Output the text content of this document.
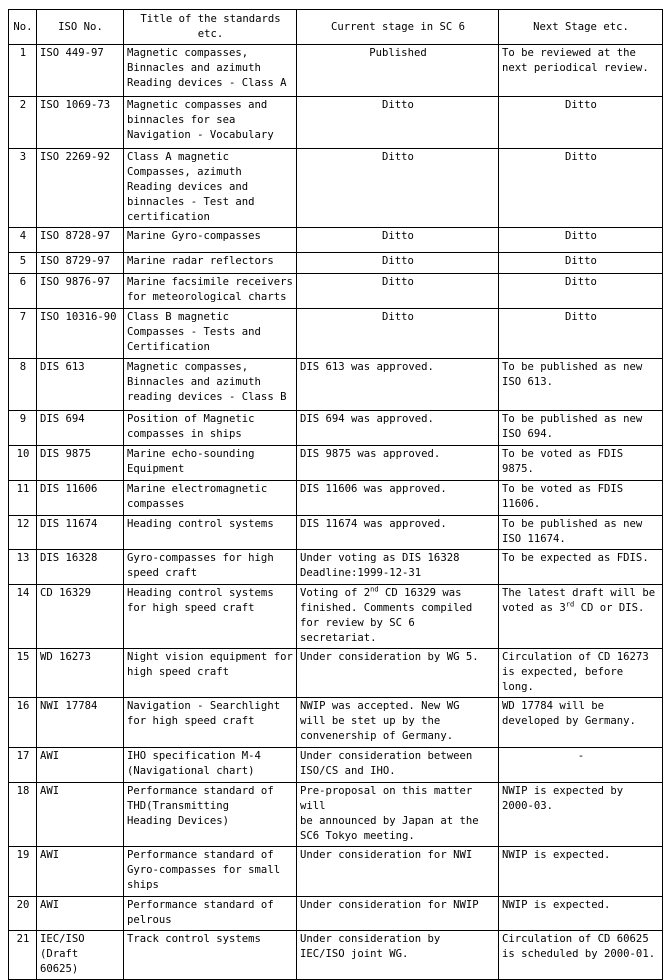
No.	ISO No.	Title of the standards etc.	Current stage in SC 6	Next Stage etc.
1	ISO 449-97	Magnetic compasses,
Binnacles and azimuth
Reading devices - Class A	Published	To be reviewed at the
next periodical review.
2	ISO 1069-73	Magnetic compasses and
binnacles for sea
Navigation - Vocabulary	Ditto	Ditto
3	ISO 2269-92	Class A magnetic
Compasses, azimuth
Reading devices and
binnacles - Test and
certification	Ditto	Ditto
4	ISO 8728-97	Marine Gyro-compasses	Ditto	Ditto
5	ISO 8729-97	Marine radar reflectors	Ditto	Ditto
6	ISO 9876-97	Marine facsimile receivers
for meteorological charts	Ditto	Ditto
7	ISO 10316-90	Class B magnetic
Compasses - Tests and
Certification	Ditto	Ditto
8	DIS 613	Magnetic compasses,
Binnacles and azimuth
reading devices - Class B	DIS 613 was approved.	To be published as new
ISO 613.
9	DIS 694	Position of Magnetic
compasses in ships	DIS 694 was approved.	To be published as new
ISO 694.
10	DIS 9875	Marine echo-sounding
Equipment	DIS 9875 was approved.	To be voted as FDIS
9875.
11	DIS 11606	Marine electromagnetic
compasses	DIS 11606 was approved.	To be voted as FDIS
11606.
12	DIS 11674	Heading control systems	DIS 11674 was approved.	To be published as new
ISO 11674.
13	DIS 16328	Gyro-compasses for high
speed craft	Under voting as DIS 16328
Deadline:1999-12-31	To be expected as FDIS.
14	CD 16329	Heading control systems
for high speed craft	Voting of 2nd CD 16329 was
finished. Comments compiled
for review by SC 6 secretariat.	The latest draft will be
voted as 3rd CD or DIS.
15	WD 16273	Night vision equipment for
high speed craft	Under consideration by WG 5.	Circulation of CD 16273
is expected, before long.
16	NWI 17784	Navigation - Searchlight
for high speed craft	NWIP was accepted. New WG
will be stet up by the
convenership of Germany.	WD 17784 will be
developed by Germany.
17	AWI	IHO specification M-4
(Navigational chart)	Under consideration between
ISO/CS and IHO.	-
18	AWI	Performance standard of
THD(Transmitting
Heading Devices)	Pre-proposal on this matter will
be announced by Japan at the
SC6 Tokyo meeting.	NWIP is expected by
2000-03.
19	AWI	Performance standard of
Gyro-compasses for small
ships	Under consideration for NWI	NWIP is expected.
20	AWI	Performance standard of
pelrous	Under consideration for NWIP	NWIP is expected.
21	IEC/ISO
(Draft 60625)	Track control systems	Under consideration by
IEC/ISO joint WG.	Circulation of CD 60625
is scheduled by 2000-01.
